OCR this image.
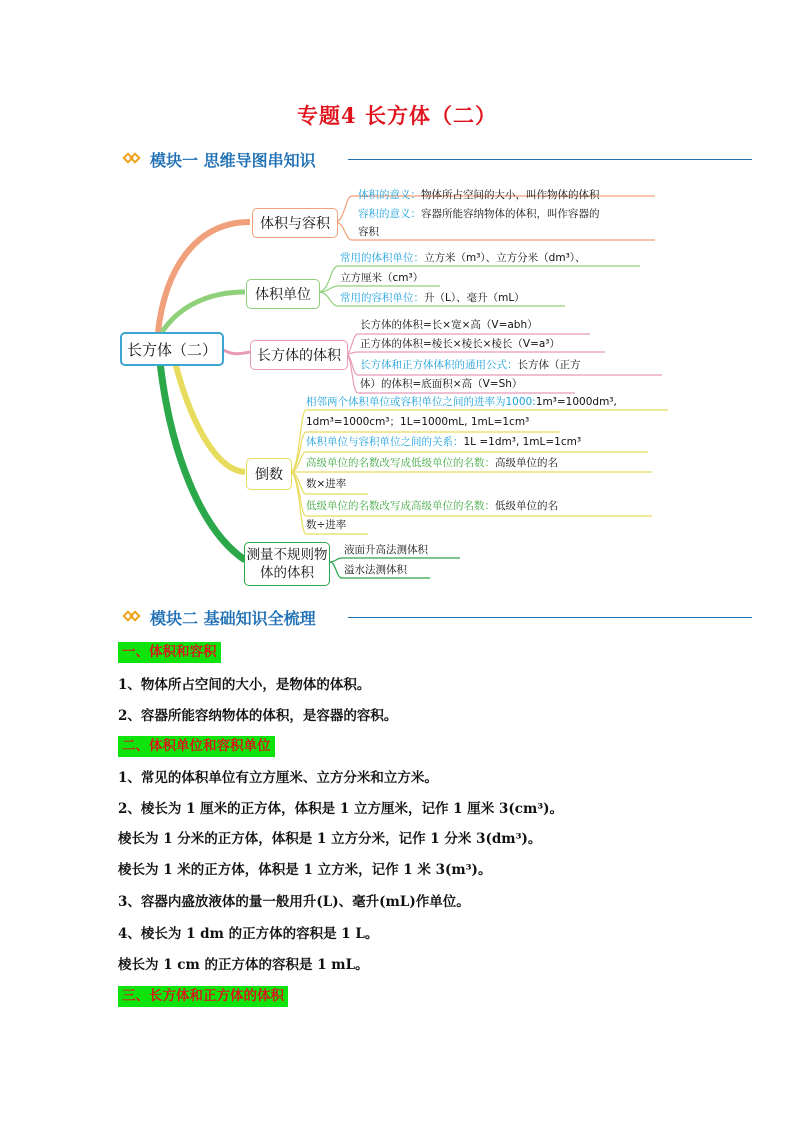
专题4 长方体（二）
模块一 思维导图串知识
长方体（二）
体积与容积
体积单位
长方体的体积
倒数
测量不规则物体的体积
体积的意义：物体所占空间的大小，叫作物体的体积
容积的意义：容器所能容纳物体的体积，叫作容器的
容积
常用的体积单位：立方米（m³）、立方分米（dm³）、
立方厘米（cm³）
常用的容积单位：升（L）、毫升（mL）
长方体的体积=长×宽×高（V=abh）
正方体的体积=棱长×棱长×棱长（V=a³）
长方体和正方体体积的通用公式：长方体（正方
体）的体积=底面积×高（V=Sh）
相邻两个体积单位或容积单位之间的进率为1000:1m³=1000dm³,
1dm³=1000cm³；1L=1000mL, 1mL=1cm³
体积单位与容积单位之间的关系：1L =1dm³, 1mL=1cm³
高级单位的名数改写成低级单位的名数：高级单位的名
数×进率
低级单位的名数改写成高级单位的名数：低级单位的名
数÷进率
液面升高法测体积
溢水法测体积
模块二 基础知识全梳理
一、体积和容积
1、物体所占空间的大小，是物体的体积。
2、容器所能容纳物体的体积，是容器的容积。
二、体积单位和容积单位
1、常见的体积单位有立方厘米、立方分米和立方米。
2、棱长为 1 厘米的正方体，体积是 1 立方厘米，记作 1 厘米 3(cm³)。
棱长为 1 分米的正方体，体积是 1 立方分米，记作 1 分米 3(dm³)。
棱长为 1 米的正方体，体积是 1 立方米，记作 1 米 3(m³)。
3、容器内盛放液体的量一般用升(L)、毫升(mL)作单位。
4、棱长为 1 dm 的正方体的容积是 1 L。
棱长为 1 cm 的正方体的容积是 1 mL。
三、长方体和正方体的体积
